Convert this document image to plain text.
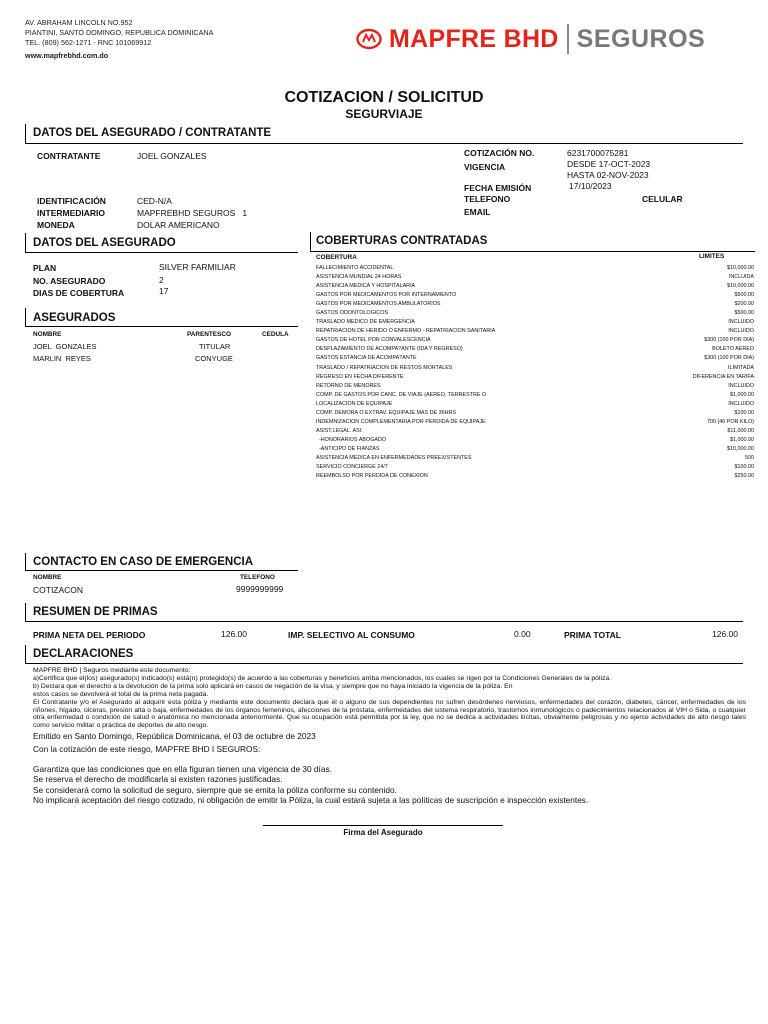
AV. ABRAHAM LINCOLN NO.952
PIANTINI, SANTO DOMINGO, REPUBLICA DOMINICANA
TEL. (809) 562-1271 - RNC 101069912
www.mapfrebhd.com.do
MAPFRE BHD SEGUROS
COTIZACION / SOLICITUD
SEGURVIAJE
DATOS DEL ASEGURADO / CONTRATANTE
CONTRATANTE	JOEL GONZALES
IDENTIFICACIÓN	CED-N/A
INTERMEDIARIO	MAPFREBHD SEGUROS   1
MONEDA	DOLAR AMERICANO
COTIZACIÓN NO.	6231700075281
VIGENCIA	DESDE 17-OCT-2023
HASTA 02-NOV-2023
FECHA EMISIÓN	17/10/2023
TELEFONO	CELULAR
EMAIL
DATOS DEL ASEGURADO
PLAN	SILVER FARMILIAR
NO. ASEGURADO	2
DIAS DE COBERTURA	17
ASEGURADOS
NOMBRE	PARENTESCO	CEDULA
JOEL  GONZALES	TITULAR
MARLIN  REYES	CONYUGE
COBERTURAS CONTRATADAS
COBERTURA	LIMITES
FALLECIMIENTO ACCIDENTAL	$10,000.00
ASISTENCIA MUNDIAL 24 HORAS	INCLUIDA
ASISTENCIA MEDICA Y HOSPITALARIA	$10,000.00
GASTOS POR MEDICAMENTOS POR INTERNAMIENTO	$500.00
GASTOS POR MEDICAMENTOS AMBULATORIOS	$200.00
GASTOS ODONTOLOGICOS	$500.00
TRASLADO MEDICO DE EMERGENCIA	INCLUIDO
REPATRIACION DE HERIDO O ENFERMO - REPATRIACION SANITARIA	INCLUIDO
GASTOS DE HOTEL POR CONVALESCENCIA	$300 (100 POR DIA)
DESPLAZAMIENTO DE ACOMPA?ANTE (IDA Y REGRESO)	BOLETO AEREO
GASTOS ESTANCIA DE ACOMPA?ANTE	$300 (100 POR DIA)
TRASLADO / REPATRIACION DE RESTOS MORTALES	ILIMITADA
REGRESO EN FECHA DIFERENTE	DIFERENCIA EN TARIFA
RETORNO DE MENORES	INCLUIDO
COMP. DE GASTOS POR CANC. DE VIAJE (AEREO, TERRESTRE O	$1,000.00
LOCALIZACION DE EQUIPAJE	INCLUIDO
COMP. DEMORA O EXTRAV. EQUIPAJE MAS DE 36HRS	$100.00
INDEMNIZACION COMPLEMENTARIA POR PERDIDA DE EQUIPAJE	700 (40 POR KILO)
ASIST.LEGAL. ASI:	$11,000.00
-HONORARIOS ABOGADO	$1,000.00
-ANTICIPO DE FIANZAS	$10,000.00
ASISTENCIA MEDICA EN ENFERMEDADES PREEXISTENTES	500
SERVICIO CONCIERGE 24/7	$100.00
REEMBOLSO POR PERDIDA DE CONEXION	$250.00
CONTACTO EN CASO DE EMERGENCIA
NOMBRE	TELEFONO
COTIZACON	9999999999
RESUMEN DE PRIMAS
PRIMA NETA DEL PERIODO	126.00	IMP. SELECTIVO AL CONSUMO	0.00	PRIMA TOTAL	126.00
DECLARACIONES
MAPFRE BHD | Seguros mediante este documento:
a)Certifica que el(los) asegurado(s) indicado(s) está(n) protegido(s) de acuerdo a las coberturas y beneficios arriba mencionados, los cuales se rigen por la Condiciones Generales de la póliza.
b) Declara que el derecho a la devolución de la prima solo aplicará en casos de negación de la visa, y siempre que no haya iniciado la vigencia de la póliza. En
estos casos se devolverá el total de la prima neta pagada.
El Contratante y/o el Asegurado al adquirir esta póliza y mediante este documento declara que él o alguno de sus dependientes no sufren desórdenes nerviosos, enfermedades del corazón, diabetes, cáncer, enfermedades de los riñones, hígado, úlceras, presión alta o baja, enfermedades de los órganos femeninos, afecciones de la próstata, enfermedades del sistema respiratorio, trastornos inmunológicos o padecimientos relacionados al VIH o Sida, o cualquier otra enfermedad o condición de salud o anatómica no mencionada anteriormente. Que su ocupación está permitida por la ley, que no se dedica a actividades ilícitas, obviamente peligrosas y no ejerce actividades de alto riesgo tales como servicio militar o práctica de deportes de alto riesgo.
Emitido en Santo Domingo, República Dominicana, el 03 de octubre de 2023
Con la cotización de este riesgo, MAPFRE BHD I SEGUROS:
Garantiza que las condiciones que en ella figuran tienen una vigencia de 30 días.
Se reserva el derecho de modificarla si existen razones justificadas.
Se considerará como la solicitud de seguro, siempre que se emita la póliza conforme su contenido.
No implicará aceptación del riesgo cotizado, ni obligación de emitir la Póliza, la cual estará sujeta a las políticas de suscripción e inspección existentes.
Firma del Asegurado
